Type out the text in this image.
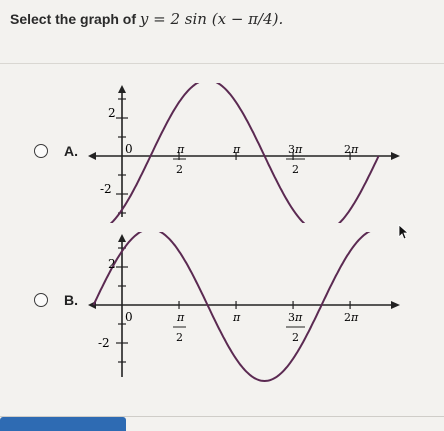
Select the graph of y = 2 sin (x − π/4).
A.
2
-2
0	π
2
π	3π
2
2π
B.
2
-2
0	π
2
π	3π
2
2π
